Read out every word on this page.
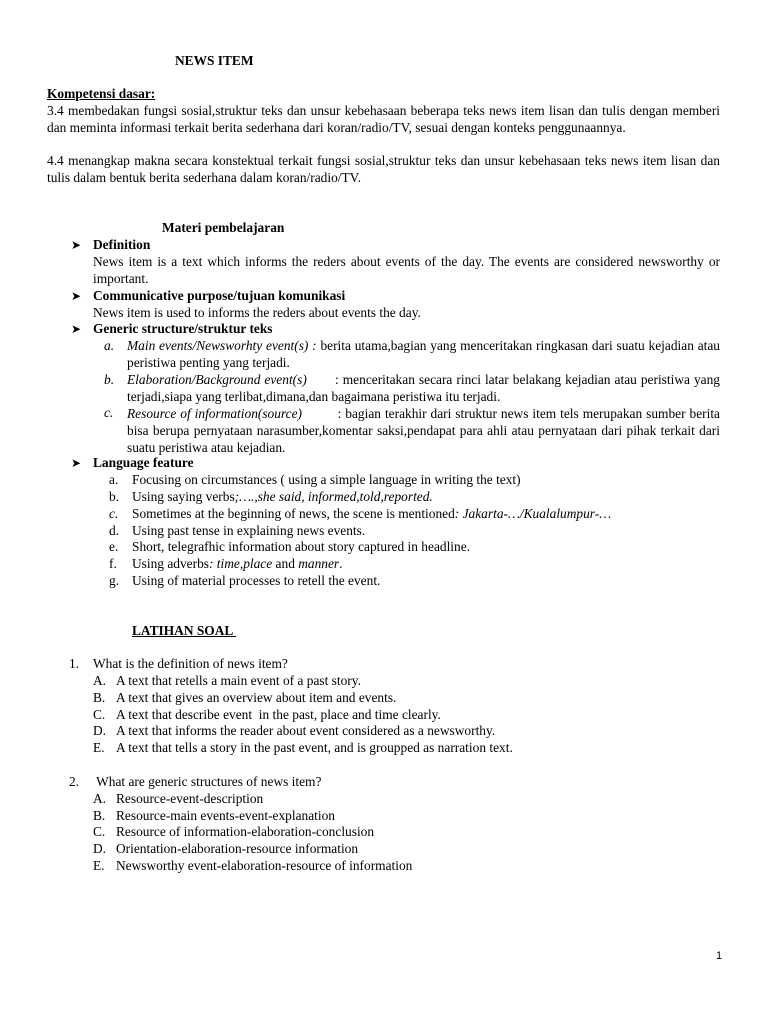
NEWS ITEM
Kompetensi dasar:
3.4 membedakan fungsi sosial,struktur teks dan unsur kebehasaan beberapa teks news item lisan dan tulis dengan memberi dan meminta informasi terkait berita sederhana dari koran/radio/TV, sesuai dengan konteks penggunaannya.
4.4 menangkap makna secara konstektual terkait fungsi sosial,struktur teks dan unsur kebehasaan teks news item lisan dan tulis dalam bentuk berita sederhana dalam koran/radio/TV.
Materi pembelajaran
➤ Definition
News item is a text which informs the reders about events of the day. The events are considered newsworthy or important.
➤ Communicative purpose/tujuan komunikasi
News item is used to informs the reders about events the day.
➤ Generic structure/struktur teks
a. Main events/Newsworhty event(s) : berita utama,bagian yang menceritakan ringkasan dari suatu kejadian atau peristiwa penting yang terjadi.
b. Elaboration/Background event(s)       : menceritakan secara rinci latar belakang kejadian atau peristiwa yang terjadi,siapa yang terlibat,dimana,dan bagaimana peristiwa itu terjadi.
c. Resource of information(source)         : bagian terakhir dari struktur news item tels merupakan sumber berita bisa berupa pernyataan narasumber,komentar saksi,pendapat para ahli atau pernyataan dari pihak terkait dari suatu peristiwa atau kejadian.
➤ Language feature
a. Focusing on circumstances ( using a simple language in writing the text)
b. Using saying verbs;….,she said, informed,told,reported.
c. Sometimes at the beginning of news, the scene is mentioned: Jakarta-…/Kualalumpur-…
d. Using past tense in explaining news events.
e. Short, telegrafhic information about story captured in headline.
f. Using adverbs: time,place and manner.
g. Using of material processes to retell the event.
LATIHAN SOAL
1. What is the definition of news item?
A. A text that retells a main event of a past story.
B. A text that gives an overview about item and events.
C. A text that describe event  in the past, place and time clearly.
D. A text that informs the reader about event considered as a newsworthy.
E. A text that tells a story in the past event, and is groupped as narration text.
2. What are generic structures of news item?
A. Resource-event-description
B. Resource-main events-event-explanation
C. Resource of information-elaboration-conclusion
D. Orientation-elaboration-resource information
E. Newsworthy event-elaboration-resource of information
1
